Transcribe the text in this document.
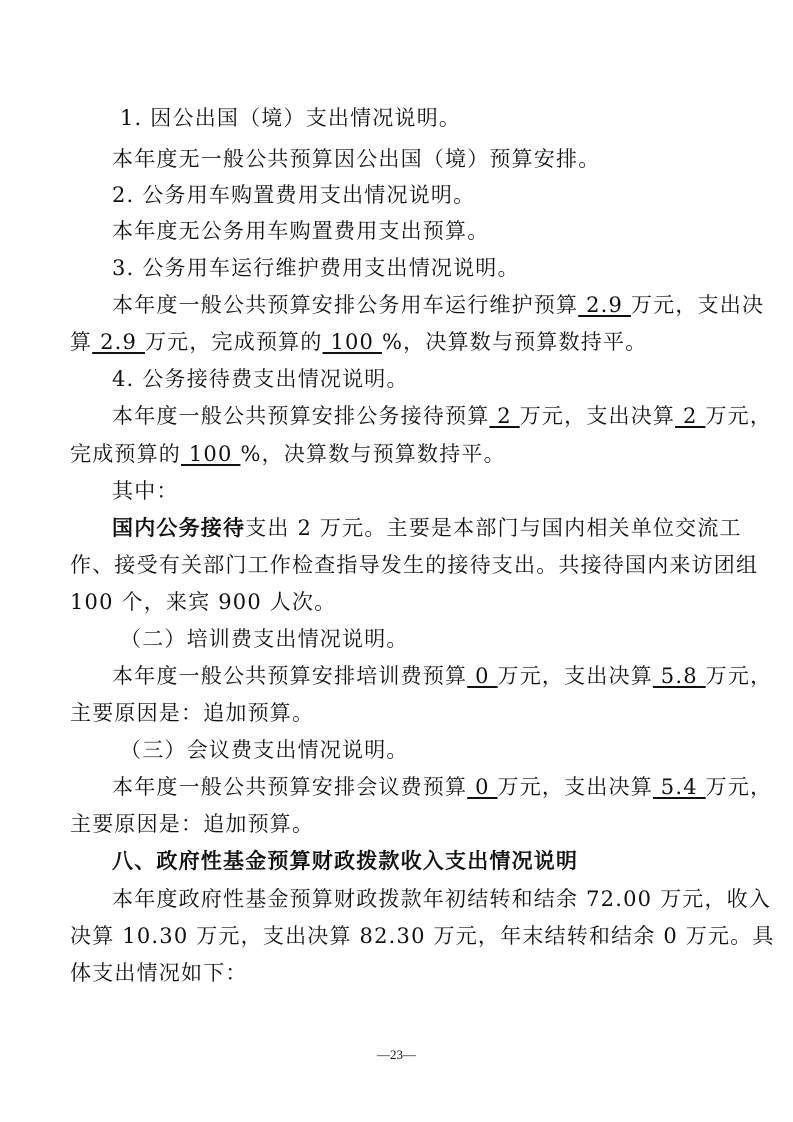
1. 因公出国（境）支出情况说明。
本年度无一般公共预算因公出国（境）预算安排。
2. 公务用车购置费用支出情况说明。
本年度无公务用车购置费用支出预算。
3. 公务用车运行维护费用支出情况说明。
本年度一般公共预算安排公务用车运行维护预算 2.9 万元，支出决
算 2.9 万元，完成预算的 100 %，决算数与预算数持平。
4. 公务接待费支出情况说明。
本年度一般公共预算安排公务接待预算 2 万元，支出决算 2 万元，
完成预算的 100 %，决算数与预算数持平。
其中：
国内公务接待支出 2 万元。主要是本部门与国内相关单位交流工
作、接受有关部门工作检查指导发生的接待支出。共接待国内来访团组
100 个，来宾 900 人次。
（二）培训费支出情况说明。
本年度一般公共预算安排培训费预算 0 万元，支出决算 5.8 万元，
主要原因是：追加预算。
（三）会议费支出情况说明。
本年度一般公共预算安排会议费预算 0 万元，支出决算 5.4 万元，
主要原因是：追加预算。
八、政府性基金预算财政拨款收入支出情况说明
本年度政府性基金预算财政拨款年初结转和结余 72.00 万元，收入
决算 10.30 万元，支出决算 82.30 万元，年末结转和结余 0 万元。具
体支出情况如下：
—23—
